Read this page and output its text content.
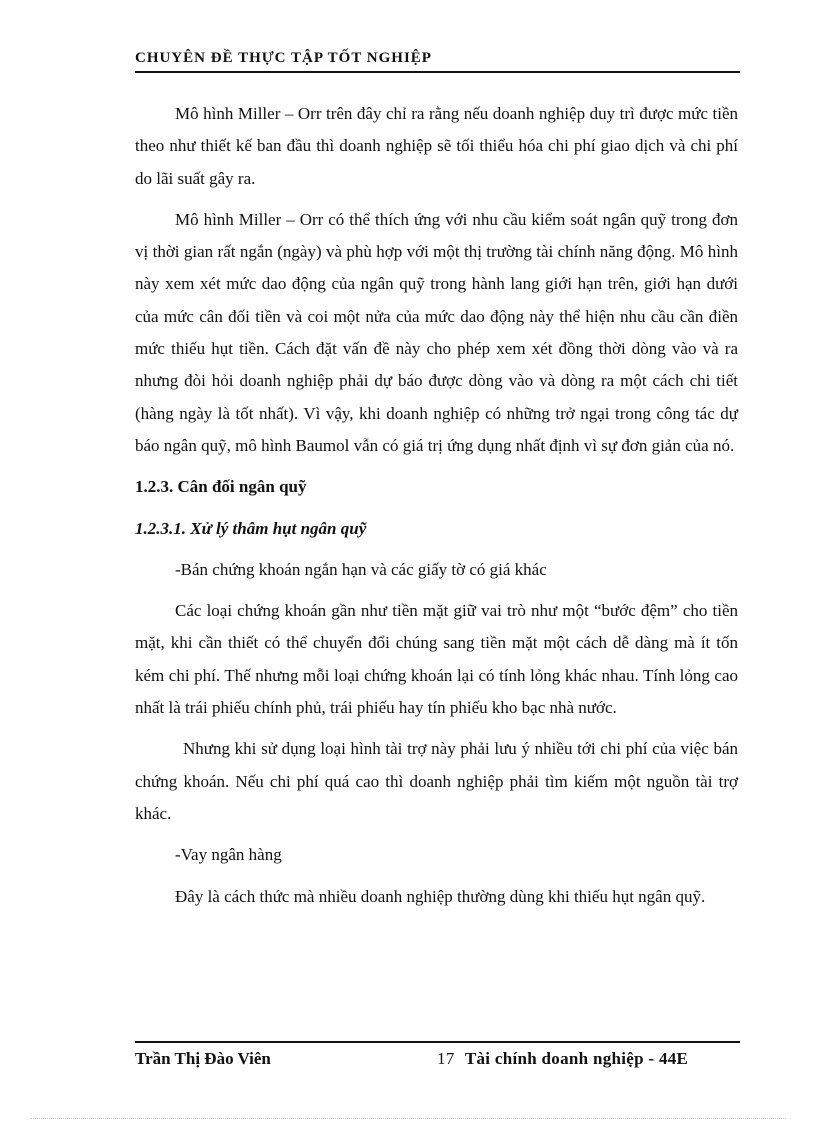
CHUYÊN ĐỀ THỰC TẬP TỐT NGHIỆP

Mô hình Miller – Orr trên đây chỉ ra rằng nếu doanh nghiệp duy trì được mức tiền theo như thiết kế ban đầu thì doanh nghiệp sẽ tối thiểu hóa chi phí giao dịch và chi phí do lãi suất gây ra.

Mô hình Miller – Orr có thể thích ứng với nhu cầu kiểm soát ngân quỹ trong đơn vị thời gian rất ngắn (ngày) và phù hợp với một thị trường tài chính năng động. Mô hình này xem xét mức dao động của ngân quỹ trong hành lang giới hạn trên, giới hạn dưới của mức cân đối tiền và coi một nửa của mức dao động này thể hiện nhu cầu cần điền mức thiếu hụt tiền. Cách đặt vấn đề này cho phép xem xét đồng thời dòng vào và ra nhưng đòi hỏi doanh nghiệp phải dự báo được dòng vào và dòng ra một cách chi tiết (hàng ngày là tốt nhất). Vì vậy, khi doanh nghiệp có những trở ngại trong công tác dự báo ngân quỹ, mô hình Baumol vẫn có giá trị ứng dụng nhất định vì sự đơn giản của nó.

1.2.3. Cân đối ngân quỹ
1.2.3.1. Xử lý thâm hụt ngân quỹ

-Bán chứng khoán ngắn hạn và các giấy tờ có giá khác

Các loại chứng khoán gần như tiền mặt giữ vai trò như một “bước đệm” cho tiền mặt, khi cần thiết có thể chuyển đổi chúng sang tiền mặt một cách dễ dàng mà ít tốn kém chi phí. Thế nhưng mỗi loại chứng khoán lại có tính lỏng khác nhau. Tính lỏng cao nhất là trái phiếu chính phủ, trái phiếu hay tín phiếu kho bạc nhà nước.

Nhưng khi sử dụng loại hình tài trợ này phải lưu ý nhiều tới chi phí của việc bán chứng khoán. Nếu chi phí quá cao thì doanh nghiệp phải tìm kiếm một nguồn tài trợ khác.

-Vay ngân hàng

Đây là cách thức mà nhiều doanh nghiệp thường dùng khi thiếu hụt ngân quỹ.

Trần Thị Đào Viên	17 Tài chính doanh nghiệp - 44E
